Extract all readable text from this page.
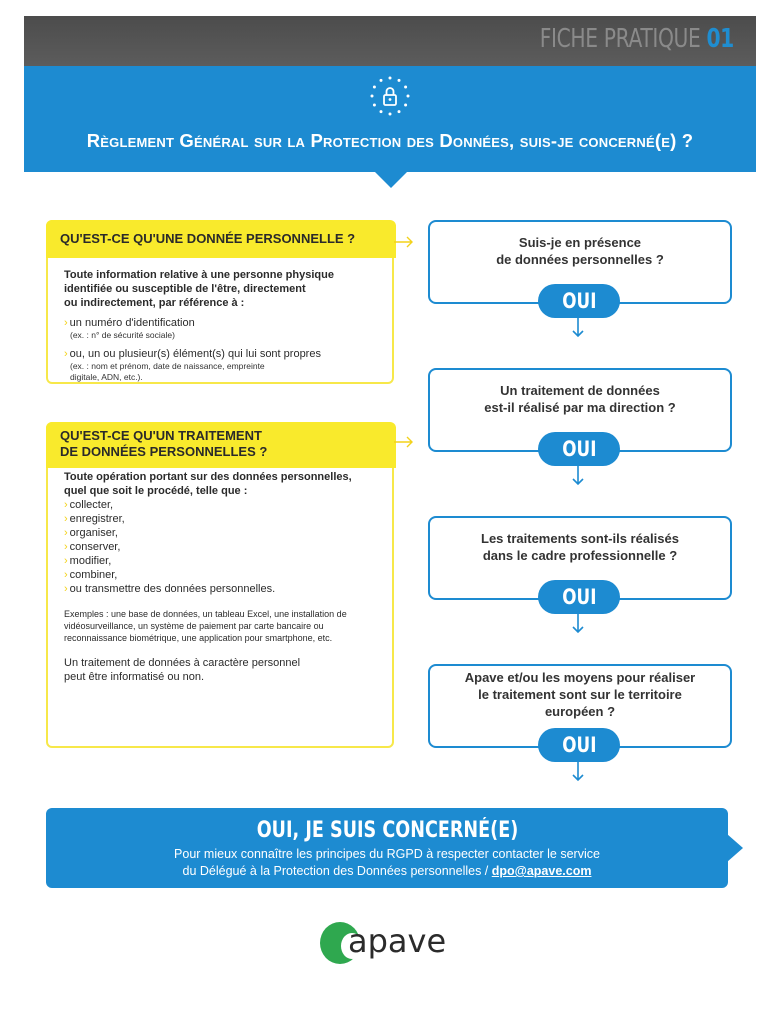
FICHE PRATIQUE 01
Règlement Général sur la Protection des Données, suis-je concerné(e) ?
QU'EST-CE QU'UNE DONNÉE PERSONNELLE ?
Toute information relative à une personne physique
identifiée ou susceptible de l'être, directement
ou indirectement, par référence à :
› un numéro d'identification
(ex. : n° de sécurité sociale)
› ou, un ou plusieur(s) élément(s) qui lui sont propres
(ex. : nom et prénom, date de naissance, empreinte
digitale, ADN, etc.).
QU'EST-CE QU'UN TRAITEMENT
DE DONNÉES PERSONNELLES ?
Toute opération portant sur des données personnelles,
quel que soit le procédé, telle que :
› collecter,
› enregistrer,
› organiser,
› conserver,
› modifier,
› combiner,
› ou transmettre des données personnelles.
Exemples : une base de données, un tableau Excel, une installation de
vidéosurveillance, un système de paiement par carte bancaire ou
reconnaissance biométrique, une application pour smartphone, etc.
Un traitement de données à caractère personnel
peut être informatisé ou non.
Suis-je en présence
de données personnelles ?
OUI
Un traitement de données
est-il réalisé par ma direction ?
OUI
Les traitements sont-ils réalisés
dans le cadre professionnelle ?
OUI
Apave et/ou les moyens pour réaliser
le traitement sont sur le territoire
européen ?
OUI
OUI, JE SUIS CONCERNÉ(E)
Pour mieux connaître les principes du RGPD à respecter contacter le service
du Délégué à la Protection des Données personnelles / dpo@apave.com
apave
